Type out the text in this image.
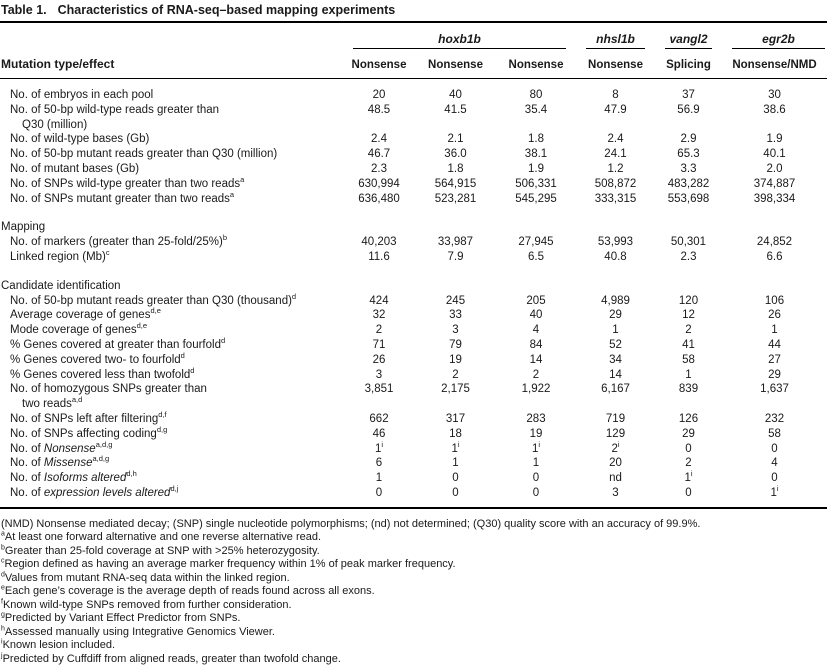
Table 1. Characteristics of RNA-seq–based mapping experiments

	hoxb1b			nhsl1b	vangl2	egr2b

Mutation type/effect	Nonsense	Nonsense	Nonsense	Nonsense	Splicing	Nonsense/NMD
No. of embryos in each pool	20	40	80	8	37	30
No. of 50-bp wild-type reads greater than
Q30 (million)	48.5	41.5	35.4	47.9	56.9	38.6
No. of wild-type bases (Gb)	2.4	2.1	1.8	2.4	2.9	1.9
No. of 50-bp mutant reads greater than Q30 (million)	46.7	36.0	38.1	24.1	65.3	40.1
No. of mutant bases (Gb)	2.3	1.8	1.9	1.2	3.3	2.0
No. of SNPs wild-type greater than two reads$^a$	630,994	564,915	506,331	508,872	483,282	374,887
No. of SNPs mutant greater than two reads$^a$	636,480	523,281	545,295	333,315	553,698	398,334
Mapping						
No. of markers (greater than 25-fold/25%)$^b$	40,203	33,987	27,945	53,993	50,301	24,852
Linked region $(Mb)^c$	11.6	7.9	6.5	40.8	2.3	6.6
Candidate identification						
No. of 50-bp mutant reads greater than Q30 (thousand)$^d$	424	245	205	4,989	120	106
Average coverage of genes$^{d,e}$	32	33	40	29	12	26
Mode coverage of genes$^{d,e}$	2	3	4	1	2	1
% Genes covered at greater than fourfold$^d$	71	79	84	52	41	44
% Genes covered two- to fourfold$^d$	26	19	14	34	58	27
% Genes covered less than twofold$^d$	3	2	2	14	1	29
No. of homozygous SNPs greater than
two reads$^{a,d}$	3,851	2,175	1,922	6,167	839	1,637
No. of SNPs left after filtering$^{d,f}$	662	317	283	719	126	232
No. of SNPs affecting coding$^{d,g}$	46	18	19	129	29	58
No. of Nonsense$^{a,d,g}$	1$^i$	1$^i$	1$^i$	2$^i$	0	0
No. of Missense$^{a,d,g}$	6	1	1	20	2	4
No. of Isoforms altered$^{d,h}$	1	0	0	nd	1$^i$	0
No. of expression levels altered$^{d,j}$	0	0	0	3	0	1$^i$
(NMD) Nonsense mediated decay; (SNP) single nucleotide polymorphisms; (nd) not determined; (Q30) quality score with an accuracy of 99.9%.
$^a$At least one forward alternative and one reverse alternative read.
$^b$Greater than 25-fold coverage at SNP with >25% heterozygosity.
$^c$Region defined as having an average marker frequency within 1% of peak marker frequency.
$^d$Values from mutant RNA-seq data within the linked region.
$^e$Each gene’s coverage is the average depth of reads found across all exons.
$^f$Known wild-type SNPs removed from further consideration.
$^g$Predicted by Variant Effect Predictor from SNPs.
$^h$Assessed manually using Integrative Genomics Viewer.
$^i$Known lesion included.
$^j$Predicted by Cuffdiff from aligned reads, greater than twofold change.
